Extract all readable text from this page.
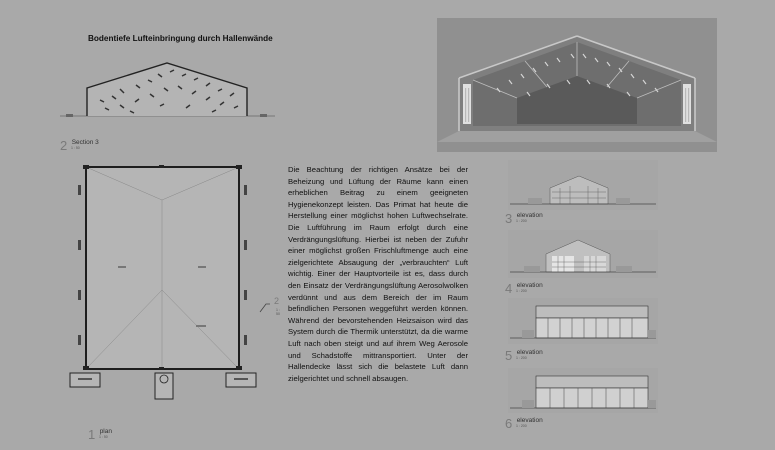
Bodentiefe Lufteinbringung durch Hallenwände
2 $^{Section 3}$
1 : 50
2
1 : 50
1 $^{plan}$
1 : 50
Die Beachtung der richtigen Ansätze bei der Beheizung und Lüftung der Räume kann einen erheblichen Beitrag zu einem geeigneten Hygienekonzept leisten. Das Primat hat heute die Herstellung einer möglichst hohen Luftwechselrate. Die Luftführung im Raum erfolgt durch eine Verdrängungslüftung. Hierbei ist neben der Zufuhr einer möglichst großen Frischluftmenge auch eine zielgerichtete Absaugung der „verbrauchten“ Luft wichtig. Einer der Hauptvorteile ist es, dass durch den Einsatz der Verdrängungslüftung Aerosolwolken verdünnt und aus dem Bereich der im Raum befindlichen Personen weggeführt werden können. Während der bevorstehenden Heizsaison wird das System durch die Thermik unterstützt, da die warme Luft nach oben steigt und auf ihrem Weg Aerosole und Schadstoffe mittransportiert. Unter der Hallendecke lässt sich die belastete Luft dann zielgerichtet und schnell absaugen.
3 $^{elevation}$
1 : 200
4 $^{elevation}$
1 : 200
5 $^{elevation}$
1 : 200
6 $^{elevation}$
1 : 200
